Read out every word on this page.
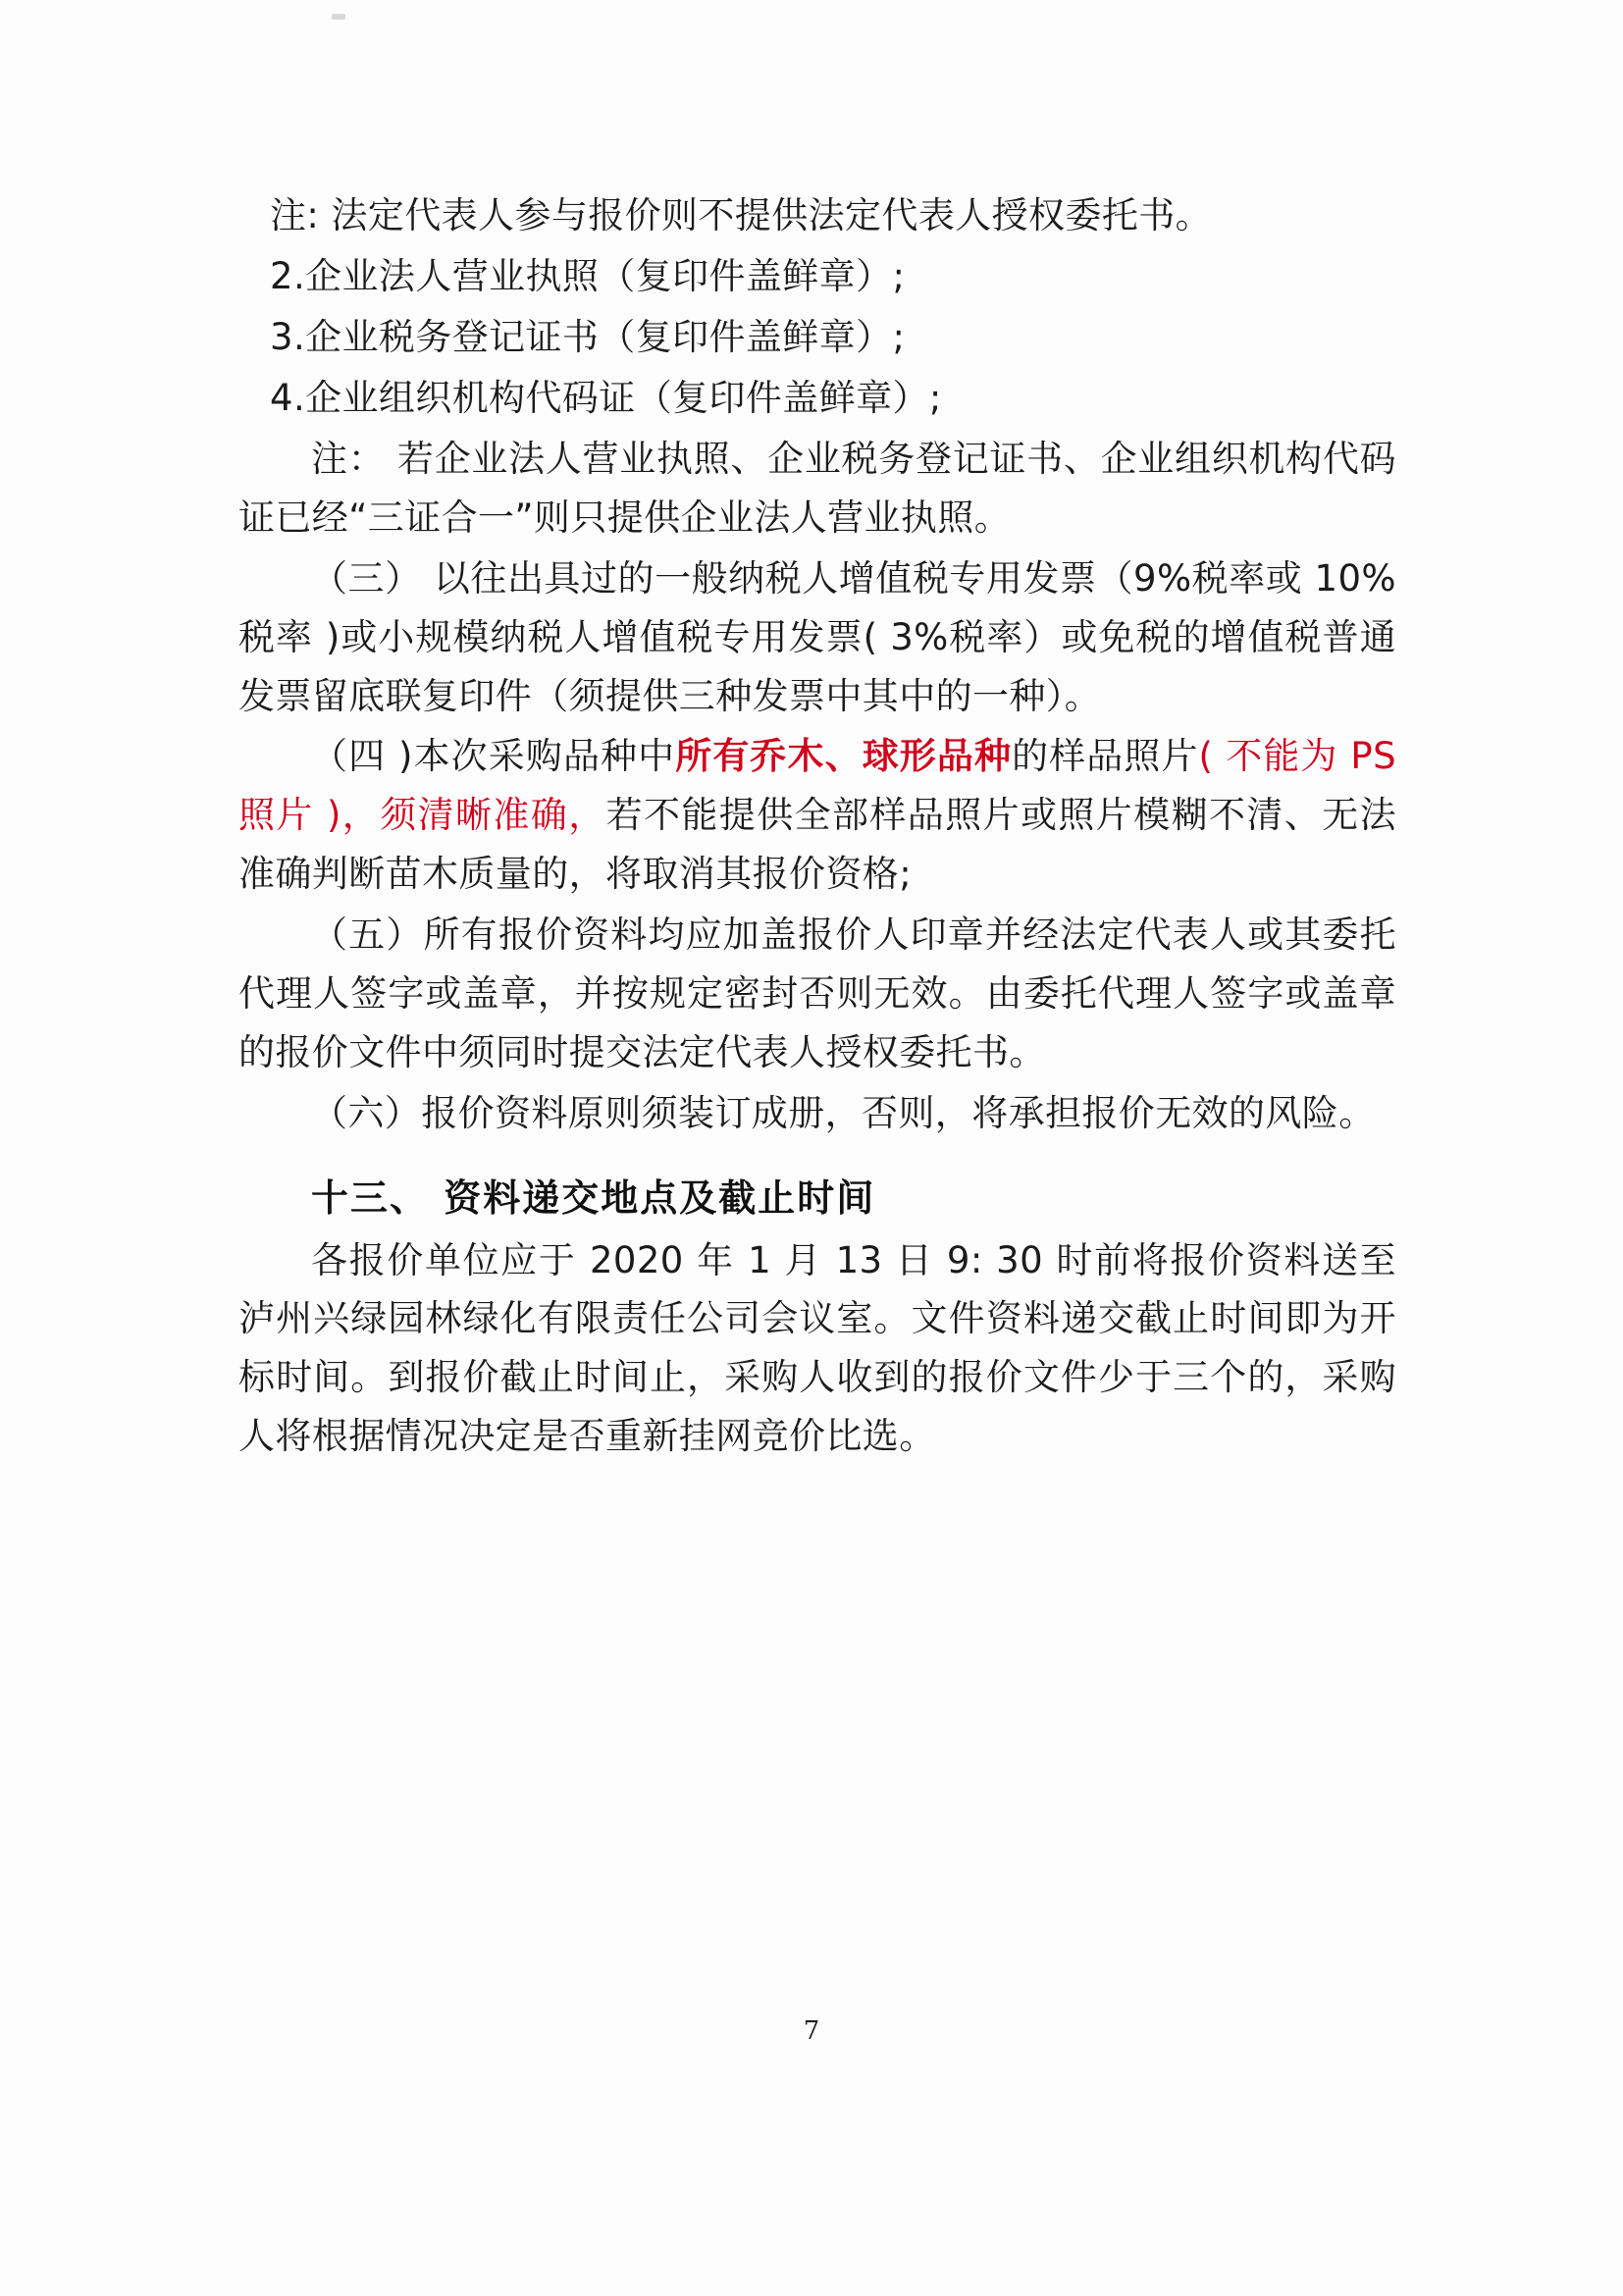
注: 法定代表人参与报价则不提供法定代表人授权委托书。

2.企业法人营业执照（复印件盖鲜章）;

3.企业税务登记证书（复印件盖鲜章）;

4.企业组织机构代码证（复印件盖鲜章）;

注： 若企业法人营业执照、企业税务登记证书、企业组织机构代码证已经“三证合一”则只提供企业法人营业执照。

（三） 以往出具过的一般纳税人增值税专用发票（9%税率或 10%税率 )或小规模纳税人增值税专用发票( 3%税率）或免税的增值税普通发票留底联复印件（须提供三种发票中其中的一种）。

（四 )本次采购品种中所有乔木、球形品种的样品照片( 不能为 PS 照片 )，须清晰准确，若不能提供全部样品照片或照片模糊不清、无法准确判断苗木质量的，将取消其报价资格;

（五）所有报价资料均应加盖报价人印章并经法定代表人或其委托代理人签字或盖章，并按规定密封否则无效。由委托代理人签字或盖章的报价文件中须同时提交法定代表人授权委托书。

（六）报价资料原则须装订成册，否则，将承担报价无效的风险。

十三、 资料递交地点及截止时间

各报价单位应于 2020 年 1 月 13 日 9: 30 时前将报价资料送至泸州兴绿园林绿化有限责任公司会议室。文件资料递交截止时间即为开标时间。到报价截止时间止，采购人收到的报价文件少于三个的，采购人将根据情况决定是否重新挂网竞价比选。

7
